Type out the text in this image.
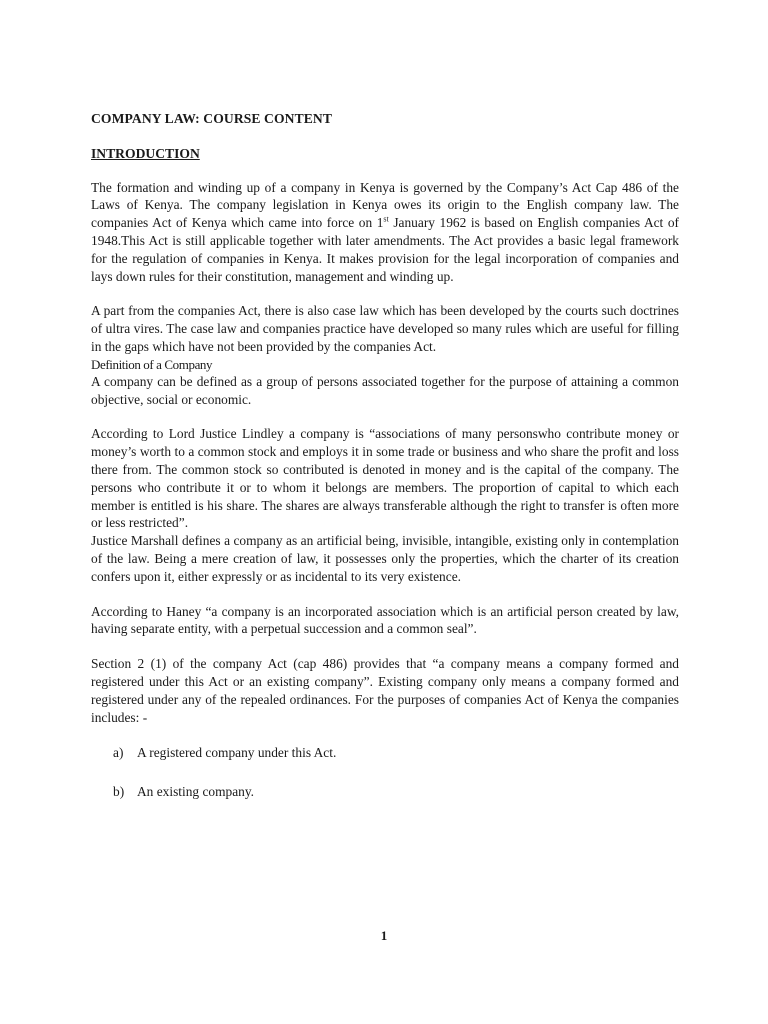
COMPANY LAW: COURSE CONTENT
INTRODUCTION

The formation and winding up of a company in Kenya is governed by the Company’s Act Cap 486 of the Laws of Kenya. The company legislation in Kenya owes its origin to the English company law. The companies Act of Kenya which came into force on 1st January 1962 is based on English companies Act of 1948.This Act is still applicable together with later amendments. The Act provides a basic legal framework for the regulation of companies in Kenya. It makes provision for the legal incorporation of companies and lays down rules for their constitution, management and winding up.

A part from the companies Act, there is also case law which has been developed by the courts such doctrines of ultra vires. The case law and companies practice have developed so many rules which are useful for filling in the gaps which have not been provided by the companies Act.

Definition of a Company

A company can be defined as a group of persons associated together for the purpose of attaining a common objective, social or economic.

According to Lord Justice Lindley a company is “associations of many personswho contribute money or money’s worth to a common stock and employs it in some trade or business and who share the profit and loss there from. The common stock so contributed is denoted in money and is the capital of the company. The persons who contribute it or to whom it belongs are members. The proportion of capital to which each member is entitled is his share. The shares are always transferable although the right to transfer is often more or less restricted”.

Justice Marshall defines a company as an artificial being, invisible, intangible, existing only in contemplation of the law. Being a mere creation of law, it possesses only the properties, which the charter of its creation confers upon it, either expressly or as incidental to its very existence.

According to Haney “a company is an incorporated association which is an artificial person created by law, having separate entity, with a perpetual succession and a common seal”.

Section 2 (1) of the company Act (cap 486) provides that “a company means a company formed and registered under this Act or an existing company”. Existing company only means a company formed and registered under any of the repealed ordinances. For the purposes of companies Act of Kenya the companies includes: -

a)	A registered company under this Act.
b) An existing company.
1
